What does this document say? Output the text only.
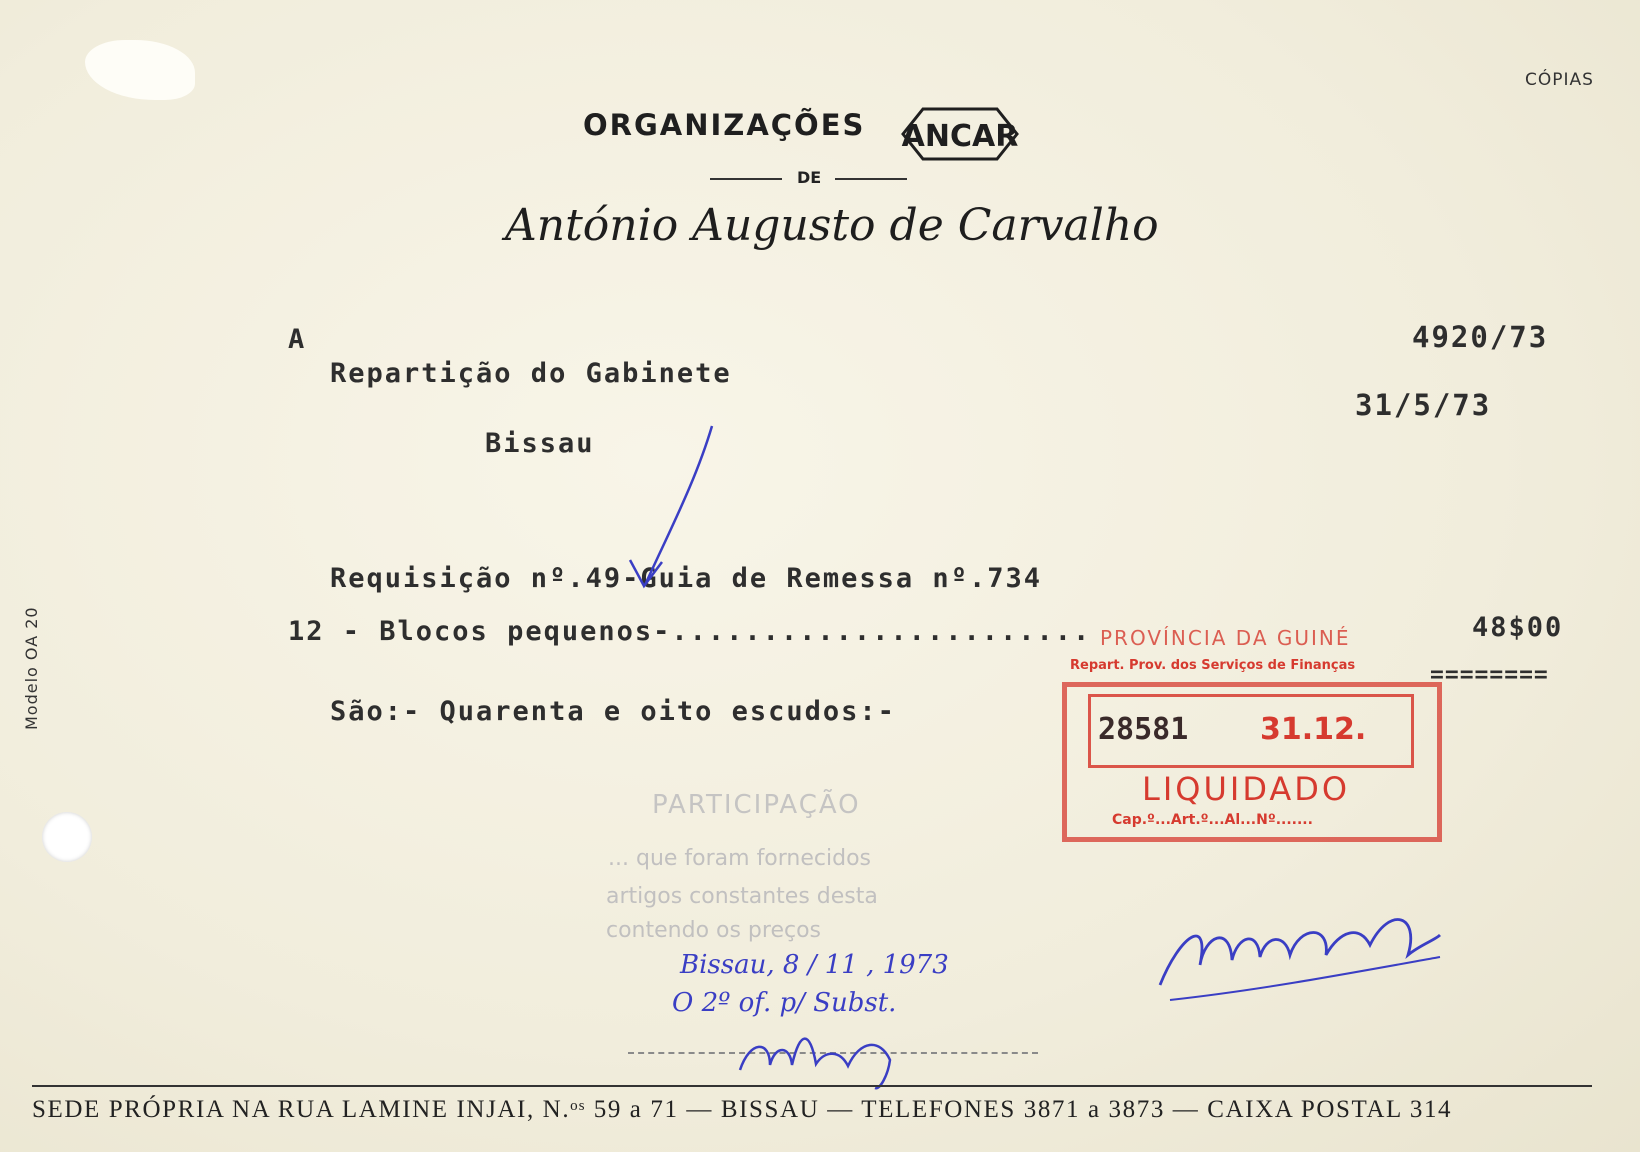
CÓPIAS
ORGANIZAÇÕES ANCAR
DE
António Augusto de Carvalho
A
Repartição do Gabinete
Bissau
4920/73
31/5/73
Requisição nº.49-Guia de Remessa nº.734
12 - Blocos pequenos-.......................	48$00
========
São:- Quarenta e oito escudos:-
PROVÍNCIA DA GUINÉ
Repart. Prov. dos Serviços de Finanças
28581 31.12.
LIQUIDADO
Cap.º...Art.º...Al...Nº.......
PARTICIPAÇÃO
... que foram fornecidos
artigos constantes desta
contendo os preços
Bissau, 8 / 11 , 1973
O 2º of. p/ Subst.
Modelo OA 20
SEDE PRÓPRIA NA RUA LAMINE INJAI, N.ᵒˢ 59 a 71 — BISSAU — TELEFONES 3871 a 3873 — CAIXA POSTAL 314
